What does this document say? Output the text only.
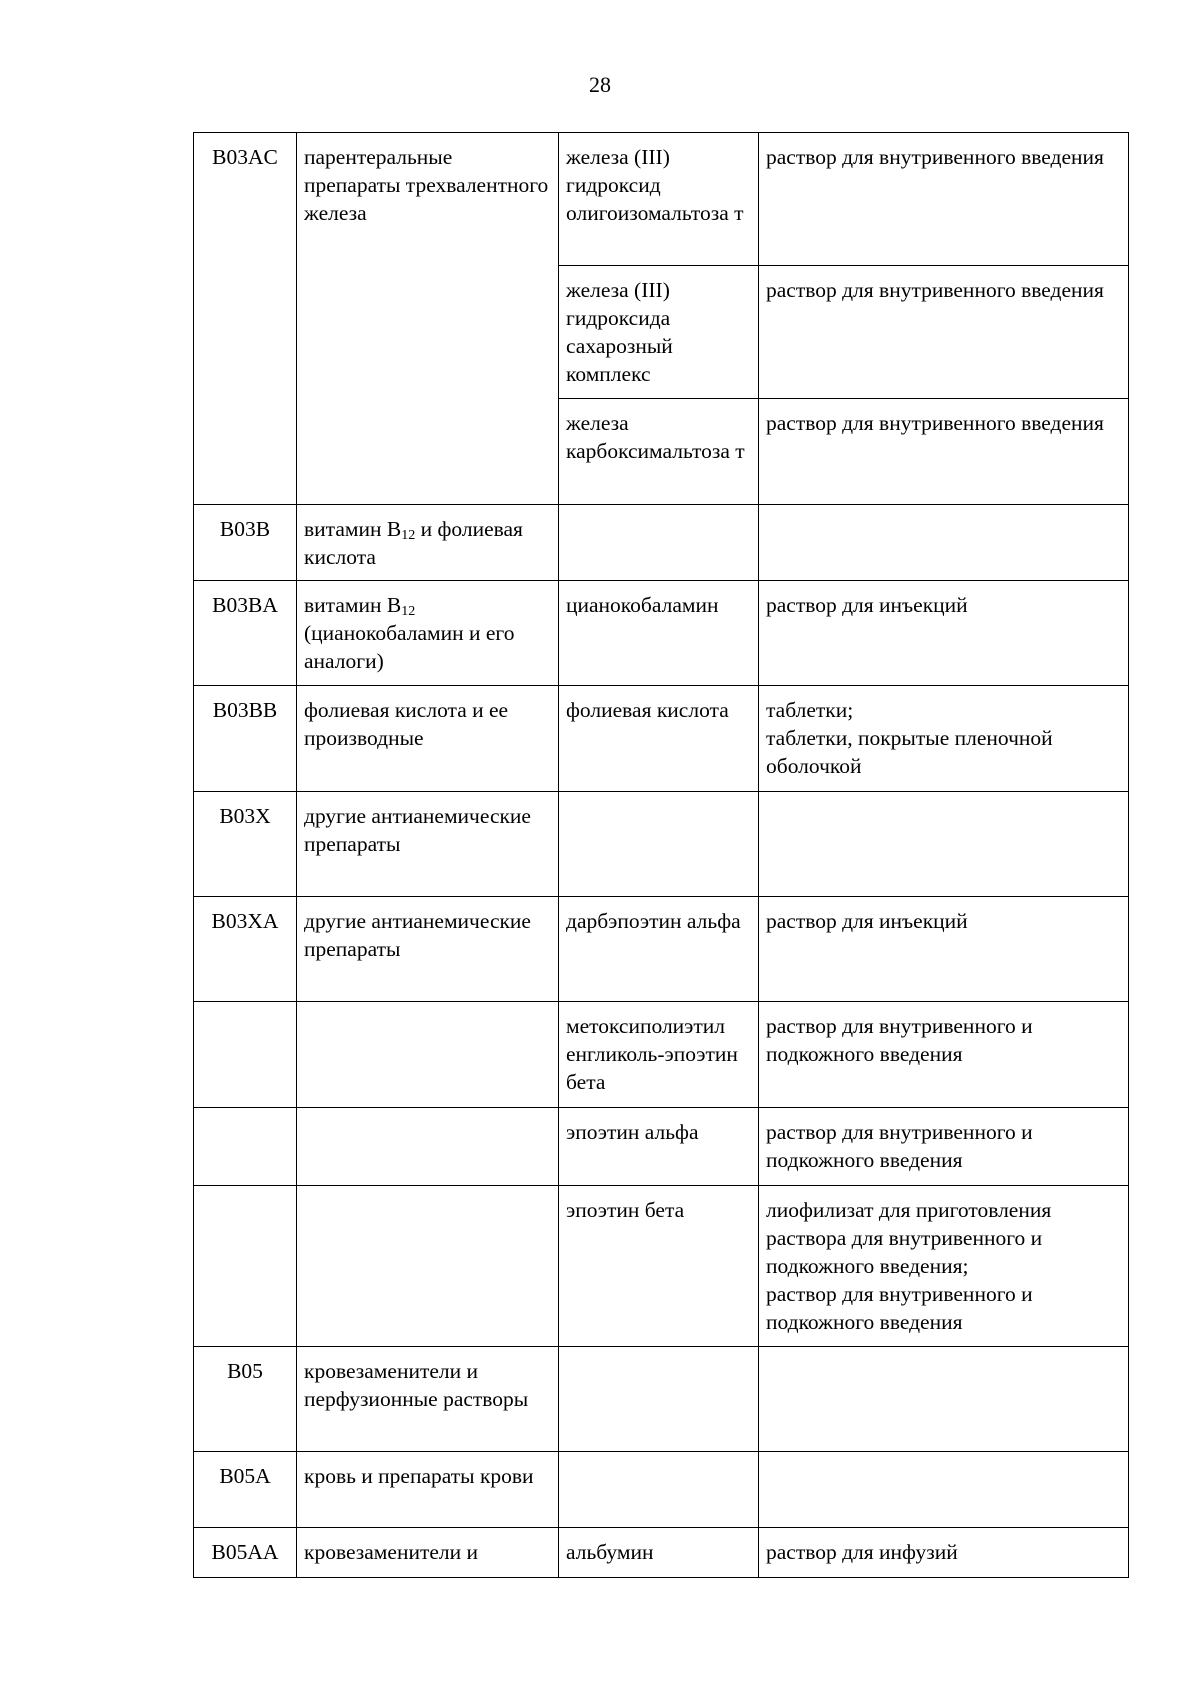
28
B03AC	парентеральные препараты трехвалентного железа	железа (III) гидроксид олигоизомальтоза т	раствор для внутривенного введения
		железа (III) гидроксида сахарозный комплекс	раствор для внутривенного введения
		железа карбоксимальтоза т	раствор для внутривенного введения
B03B	витамин $B_{12}$ и фолиевая кислота		
B03BA	витамин $B_{12}$ (цианокобаламин и его аналоги)	цианокобаламин	раствор для инъекций
B03BB	фолиевая кислота и ее производные	фолиевая кислота	таблетки;
таблетки, покрытые пленочной оболочкой

B03X	другие антианемические препараты		
B03XA	другие антианемические препараты	дарбэпоэтин альфа	раствор для инъекций
		метоксиполиэтил енгликоль-эпоэтин бета	раствор для внутривенного и подкожного введения
		эпоэтин альфа	раствор для внутривенного и подкожного введения
		эпоэтин бета	лиофилизат для приготовления раствора для внутривенного и подкожного введения;
раствор для внутривенного и подкожного введения

B05	кровезаменители и перфузионные растворы		
B05A	кровь и препараты крови		
B05AA	кровезаменители и	альбумин	раствор для инфузий
